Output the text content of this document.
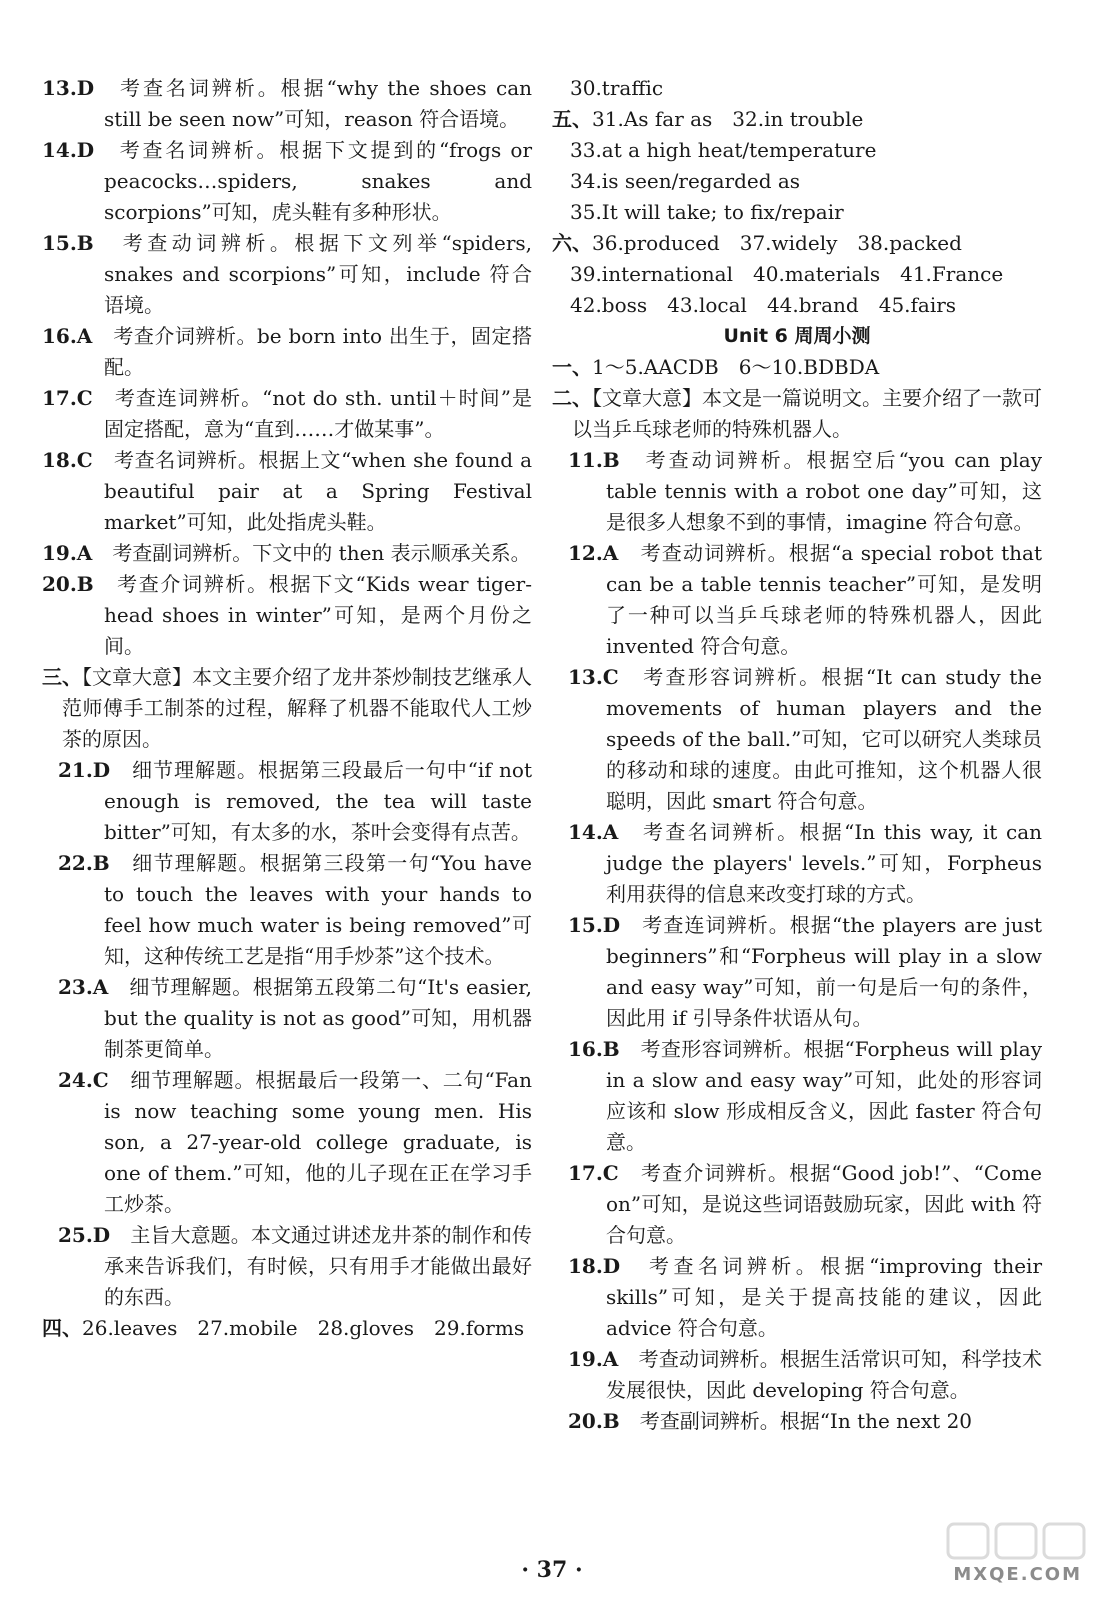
13.D　 考查名词辨析。根据“why the shoes can still be seen now”可知，reason 符合语境。

14.D　 考查名词辨析。根据下文提到的“frogs or peacocks…spiders, snakes and scorpions”可知，虎头鞋有多种形状。

15.B　 考查动词辨析。根据下文列举“spiders, snakes and scorpions”可知，include 符合语境。

16.A　 考查介词辨析。be born into 出生于，固定搭配。

17.C　 考查连词辨析。“not do sth. until＋时间”是固定搭配，意为“直到……才做某事”。

18.C　 考查名词辨析。根据上文“when she found a beautiful pair at a Spring Festival market”可知，此处指虎头鞋。

19.A　 考查副词辨析。下文中的 then 表示顺承关系。

20.B　 考查介词辨析。根据下文“Kids wear tiger-head shoes in winter”可知，是两个月份之间。

三、【文章大意】本文主要介绍了龙井茶炒制技艺继承人范师傅手工制茶的过程，解释了机器不能取代人工炒茶的原因。

21.D　 细节理解题。根据第三段最后一句中“if not enough is removed, the tea will taste bitter”可知，有太多的水，茶叶会变得有点苦。

22.B　 细节理解题。根据第三段第一句“You have to touch the leaves with your hands to feel how much water is being removed”可知，这种传统工艺是指“用手炒茶”这个技术。

23.A　 细节理解题。根据第五段第二句“It's easier, but the quality is not as good”可知，用机器制茶更简单。

24.C　 细节理解题。根据最后一段第一、二句“Fan is now teaching some young men. His son, a 27-year-old college graduate, is one of them.”可知，他的儿子现在正在学习手工炒茶。

25.D　 主旨大意题。本文通过讲述龙井茶的制作和传承来告诉我们，有时候，只有用手才能做出最好的东西。

四、26.leaves　27.mobile　28.gloves　29.forms

30.traffic

五、31.As far as　32.in trouble

33.at a high heat/temperature

34.is seen/regarded as

35.It will take; to fix/repair

六、36.produced　37.widely　38.packed

39.international　40.materials　41.France

42.boss　43.local　44.brand　45.fairs

Unit 6 周周小测

一、1～5.AACDB　6～10.BDBDA

二、【文章大意】本文是一篇说明文。主要介绍了一款可以当乒乓球老师的特殊机器人。

11.B　 考查动词辨析。根据空后“you can play table tennis with a robot one day”可知，这是很多人想象不到的事情，imagine 符合句意。

12.A　 考查动词辨析。根据“a special robot that can be a table tennis teacher”可知，是发明了一种可以当乒乓球老师的特殊机器人，因此 invented 符合句意。

13.C　 考查形容词辨析。根据“It can study the movements of human players and the speeds of the ball.”可知，它可以研究人类球员的移动和球的速度。由此可推知，这个机器人很聪明，因此 smart 符合句意。

14.A　 考查名词辨析。根据“In this way, it can judge the players' levels.”可知，Forpheus 利用获得的信息来改变打球的方式。

15.D　 考查连词辨析。根据“the players are just beginners”和“Forpheus will play in a slow and easy way”可知，前一句是后一句的条件，因此用 if 引导条件状语从句。

16.B　 考查形容词辨析。根据“Forpheus will play in a slow and easy way”可知，此处的形容词应该和 slow 形成相反含义，因此 faster 符合句意。

17.C　 考查介词辨析。根据“Good job!”、“Come on”可知，是说这些词语鼓励玩家，因此 with 符合句意。

18.D　 考查名词辨析。根据“improving their skills”可知，是关于提高技能的建议，因此 advice 符合句意。

19.A　 考查动词辨析。根据生活常识可知，科学技术发展很快，因此 developing 符合句意。

20.B　 考查副词辨析。根据“In the next 20

· 37 ·	MXQE.COM
